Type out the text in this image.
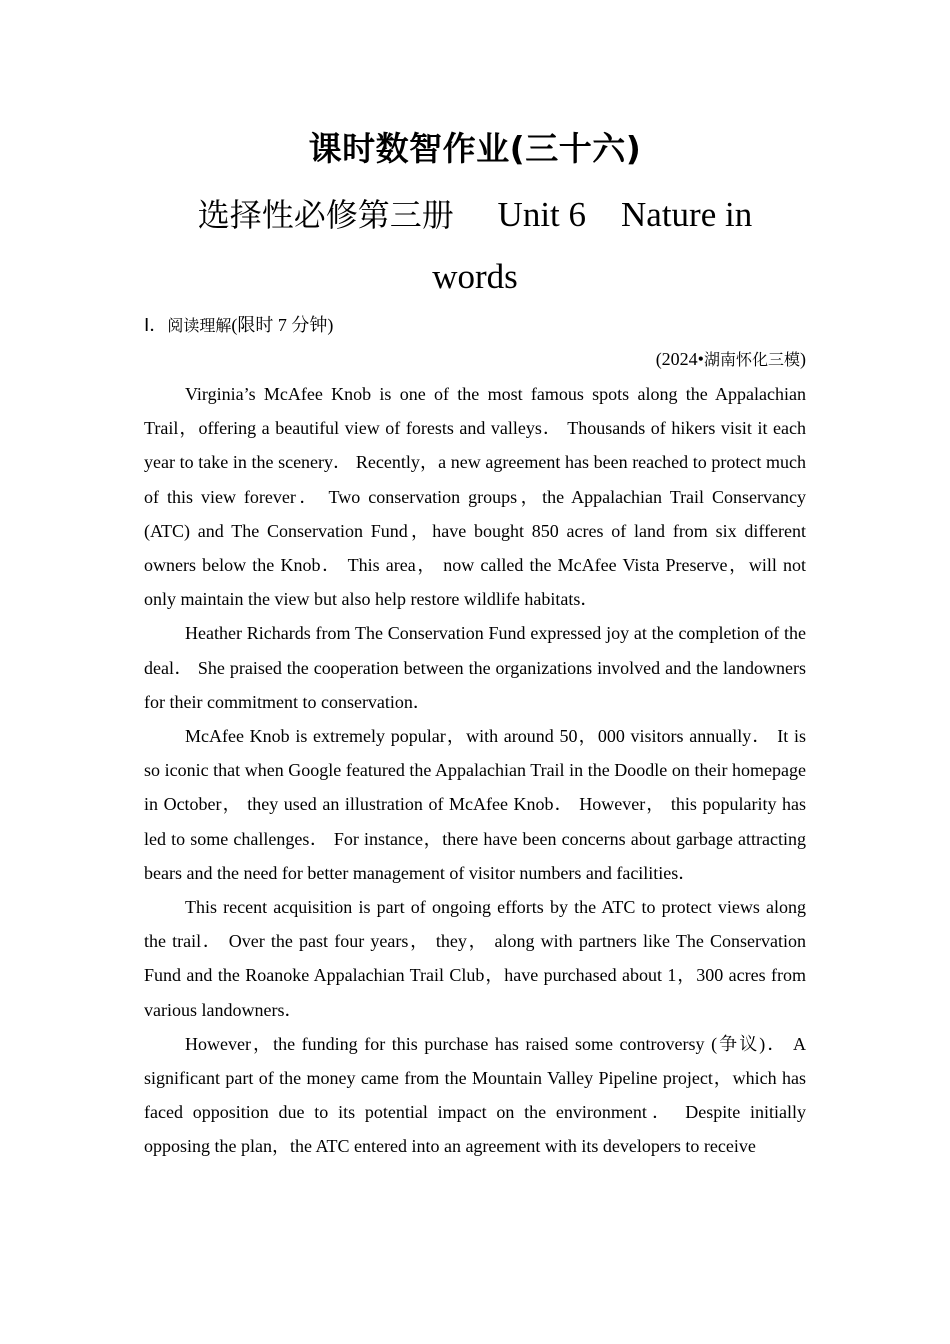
课时数智作业(三十六)
选择性必修第三册 　 Unit 6　Nature in
words
Ⅰ．阅读理解(限时 7 分钟)
(2024•湖南怀化三模)

Virginia’s McAfee Knob is one of the most famous spots along the Appalachian Trail，offering a beautiful view of forests and valleys． Thousands of hikers visit it each year to take in the scenery． Recently，a new agreement has been reached to protect much of this view forever． Two conservation groups，the Appalachian Trail Conservancy (ATC) and The Conservation Fund，have bought 850 acres of land from six different owners below the Knob． This area， now called the McAfee Vista Preserve，will not only maintain the view but also help restore wildlife habitats．

Heather Richards from The Conservation Fund expressed joy at the completion of the deal． She praised the cooperation between the organizations involved and the landowners for their commitment to conservation．

McAfee Knob is extremely popular，with around 50，000 visitors annually． It is so iconic that when Google featured the Appalachian Trail in the Doodle on their homepage in October， they used an illustration of McAfee Knob． However， this popularity has led to some challenges． For instance，there have been concerns about garbage attracting bears and the need for better management of visitor numbers and facilities．

This recent acquisition is part of ongoing efforts by the ATC to protect views along the trail． Over the past four years， they， along with partners like The Conservation Fund and the Roanoke Appalachian Trail Club，have purchased about 1，300 acres from various landowners．

However，the funding for this purchase has raised some controversy (争议)． A significant part of the money came from the Mountain Valley Pipeline project，which has faced opposition due to its potential impact on the environment． Despite initially opposing the plan，the ATC entered into an agreement with its developers to receive
